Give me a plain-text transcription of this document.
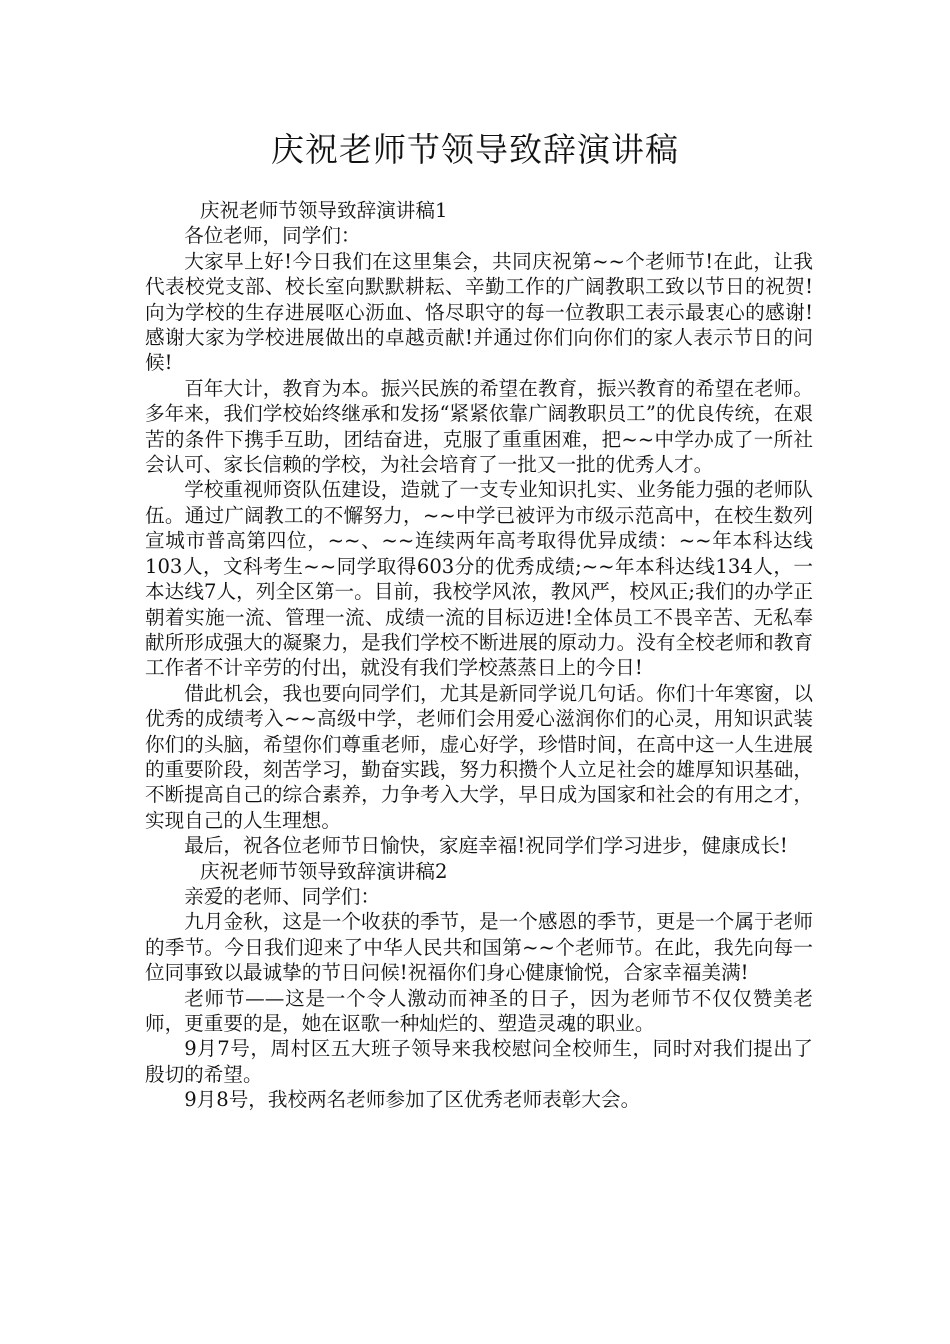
庆祝老师节领导致辞演讲稿

庆祝老师节领导致辞演讲稿1

各位老师，同学们：

大家早上好!今日我们在这里集会，共同庆祝第~~个老师节!在此，让我代表校党支部、校长室向默默耕耘、辛勤工作的广阔教职工致以节日的祝贺!向为学校的生存进展呕心沥血、恪尽职守的每一位教职工表示最衷心的感谢!感谢大家为学校进展做出的卓越贡献!并通过你们向你们的家人表示节日的问候!

百年大计，教育为本。振兴民族的希望在教育，振兴教育的希望在老师。多年来，我们学校始终继承和发扬“紧紧依靠广阔教职员工”的优良传统，在艰苦的条件下携手互助，团结奋进，克服了重重困难，把~~中学办成了一所社会认可、家长信赖的学校，为社会培育了一批又一批的优秀人才。

学校重视师资队伍建设，造就了一支专业知识扎实、业务能力强的老师队伍。通过广阔教工的不懈努力，~~中学已被评为市级示范高中，在校生数列宣城市普高第四位，~~、~~连续两年高考取得优异成绩：~~年本科达线103人，文科考生~~同学取得603分的优秀成绩;~~年本科达线134人，一本达线7人，列全区第一。目前，我校学风浓，教风严，校风正;我们的办学正朝着实施一流、管理一流、成绩一流的目标迈进!全体员工不畏辛苦、无私奉献所形成强大的凝聚力，是我们学校不断进展的原动力。没有全校老师和教育工作者不计辛劳的付出，就没有我们学校蒸蒸日上的今日!

借此机会，我也要向同学们，尤其是新同学说几句话。你们十年寒窗，以优秀的成绩考入~~高级中学，老师们会用爱心滋润你们的心灵，用知识武装你们的头脑，希望你们尊重老师，虚心好学，珍惜时间，在高中这一人生进展的重要阶段，刻苦学习，勤奋实践，努力积攒个人立足社会的雄厚知识基础，不断提高自己的综合素养，力争考入大学，早日成为国家和社会的有用之才，实现自己的人生理想。

最后，祝各位老师节日愉快，家庭幸福!祝同学们学习进步，健康成长!

庆祝老师节领导致辞演讲稿2

亲爱的老师、同学们：

九月金秋，这是一个收获的季节，是一个感恩的季节，更是一个属于老师的季节。今日我们迎来了中华人民共和国第~~个老师节。在此，我先向每一位同事致以最诚挚的节日问候!祝福你们身心健康愉悦，合家幸福美满!

老师节——这是一个令人激动而神圣的日子，因为老师节不仅仅赞美老师，更重要的是，她在讴歌一种灿烂的、塑造灵魂的职业。

9月7号，周村区五大班子领导来我校慰问全校师生，同时对我们提出了殷切的希望。

9月8号，我校两名老师参加了区优秀老师表彰大会。
